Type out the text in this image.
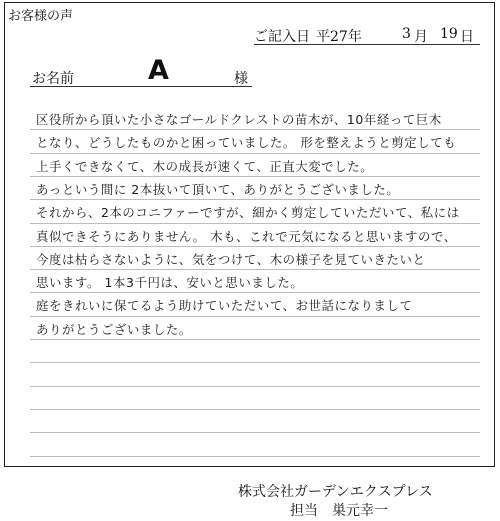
お客様の声
ご記入日 平27年	3 月 19 日
お名前	A	様
区役所から頂いた小さなゴールドクレストの苗木が、10年経って巨木
となり、どうしたものかと困っていました。 形を整えようと剪定しても
上手くできなくて、木の成長が速くて、正直大変でした。
あっという間に 2本抜いて頂いて、ありがとうございました。
それから、2本のコニファーですが、細かく剪定していただいて、私には
真似できそうにありません。 木も、これで元気になると思いますので、
今度は枯らさないように、気をつけて、木の様子を見ていきたいと
思います。 1本3千円は、安いと思いました。
庭をきれいに保てるよう助けていただいて、お世話になりまして
ありがとうございました。
株式会社ガーデンエクスプレス
担当　巣元幸一
